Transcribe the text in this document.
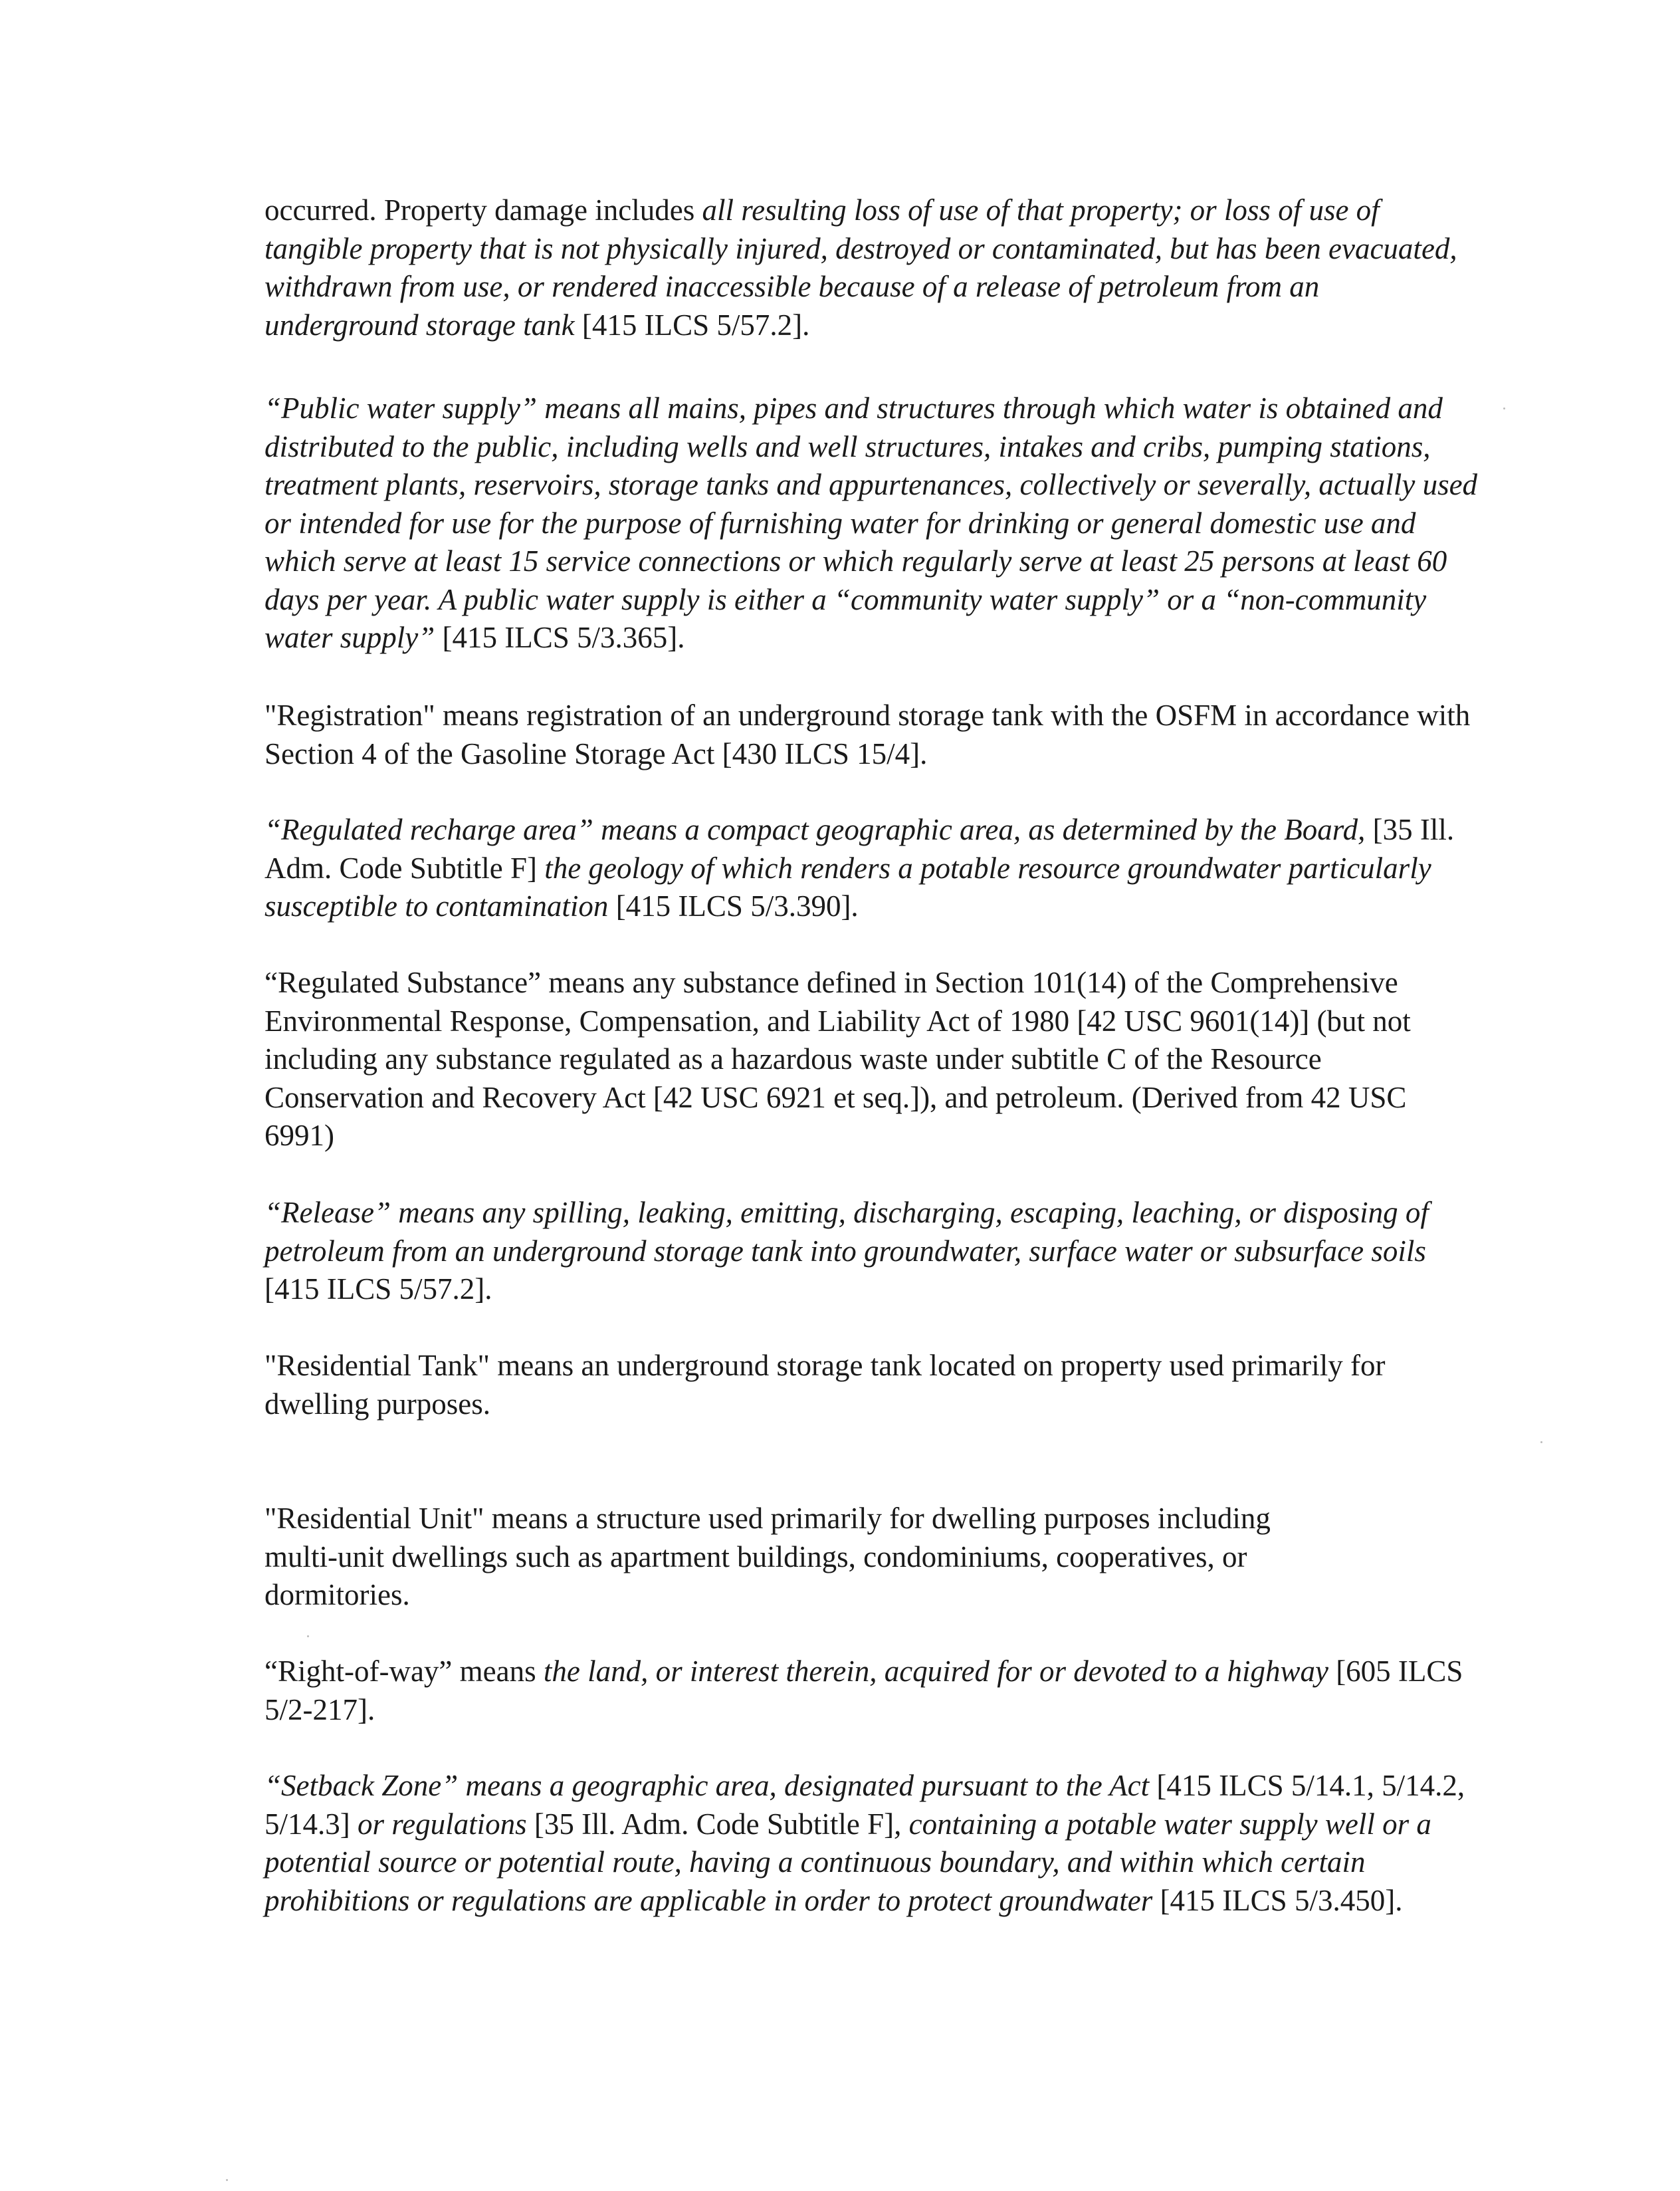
occurred. Property damage includes all resulting loss of use of that property; or loss of use of tangible property that is not physically injured, destroyed or contaminated, but has been evacuated, withdrawn from use, or rendered inaccessible because of a release of petroleum from an underground storage tank [415 ILCS 5/57.2].

“Public water supply” means all mains, pipes and structures through which water is obtained and distributed to the public, including wells and well structures, intakes and cribs, pumping stations, treatment plants, reservoirs, storage tanks and appurtenances, collectively or severally, actually used or intended for use for the purpose of furnishing water for drinking or general domestic use and which serve at least 15 service connections or which regularly serve at least 25 persons at least 60 days per year. A public water supply is either a “community water supply” or a “non-community water supply” [415 ILCS 5/3.365].

"Registration" means registration of an underground storage tank with the OSFM in accordance with Section 4 of the Gasoline Storage Act [430 ILCS 15/4].

“Regulated recharge area” means a compact geographic area, as determined by the Board, [35 Ill. Adm. Code Subtitle F] the geology of which renders a potable resource groundwater particularly susceptible to contamination [415 ILCS 5/3.390].

“Regulated Substance” means any substance defined in Section 101(14) of the Comprehensive Environmental Response, Compensation, and Liability Act of 1980 [42 USC 9601(14)] (but not including any substance regulated as a hazardous waste under subtitle C of the Resource Conservation and Recovery Act [42 USC 6921 et seq.]), and petroleum. (Derived from 42 USC 6991)

“Release” means any spilling, leaking, emitting, discharging, escaping, leaching, or disposing of petroleum from an underground storage tank into groundwater, surface water or subsurface soils [415 ILCS 5/57.2].

"Residential Tank" means an underground storage tank located on property used primarily for dwelling purposes.

"Residential Unit" means a structure used primarily for dwelling purposes including multi-unit dwellings such as apartment buildings, condominiums, cooperatives, or dormitories.

“Right-of-way” means the land, or interest therein, acquired for or devoted to a highway [605 ILCS 5/2-217].

“Setback Zone” means a geographic area, designated pursuant to the Act [415 ILCS 5/14.1, 5/14.2, 5/14.3] or regulations [35 Ill. Adm. Code Subtitle F], containing a potable water supply well or a potential source or potential route, having a continuous boundary, and within which certain prohibitions or regulations are applicable in order to protect groundwater [415 ILCS 5/3.450].
